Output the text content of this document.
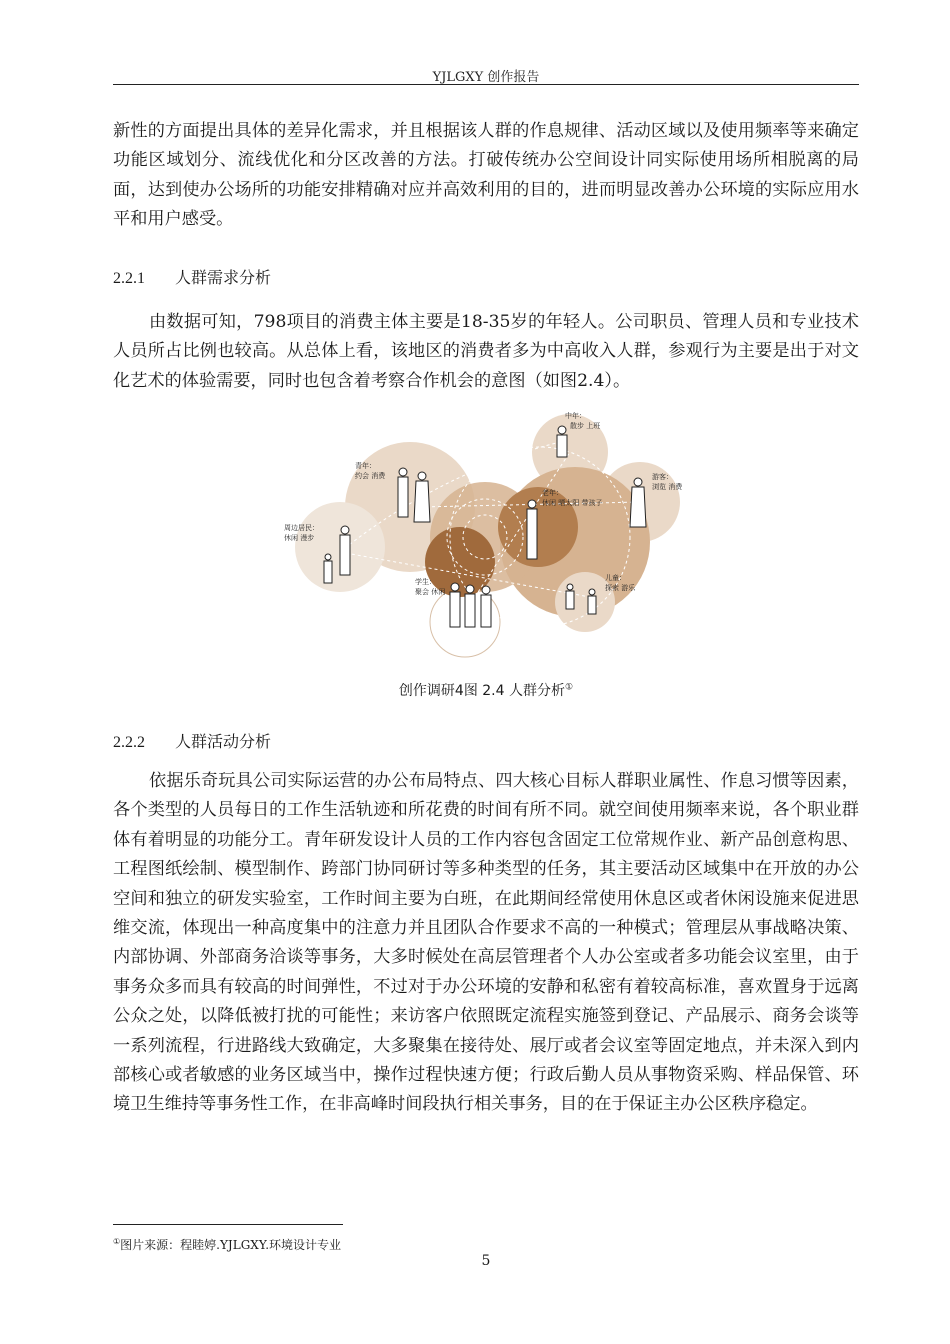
YJLGXY 创作报告

新性的方面提出具体的差异化需求，并且根据该人群的作息规律、活动区域以及使用频率等来确定功能区域划分、流线优化和分区改善的方法。打破传统办公空间设计同实际使用场所相脱离的局面，达到使办公场所的功能安排精确对应并高效利用的目的，进而明显改善办公环境的实际应用水平和用户感受。

2.2.1 人群需求分析

由数据可知，798项目的消费主体主要是18-35岁的年轻人。公司职员、管理人员和专业技术人员所占比例也较高。从总体上看，该地区的消费者多为中高收入人群，参观行为主要是出于对文化艺术的体验需要，同时也包含着考察合作机会的意图（如图2.4）。

中年：
散步 上班
青年：
约会 消费	游客：
浏览 消费
周边居民：
休闲 漫步
老年：
休闲 晒太阳 带孩子
学生：
聚会 休闲
儿童：
探索 游乐
创作调研4图 2.4 人群分析①
2.2.2 人群活动分析

依据乐奇玩具公司实际运营的办公布局特点、四大核心目标人群职业属性、作息习惯等因素，各个类型的人员每日的工作生活轨迹和所花费的时间有所不同。就空间使用频率来说，各个职业群体有着明显的功能分工。青年研发设计人员的工作内容包含固定工位常规作业、新产品创意构思、工程图纸绘制、模型制作、跨部门协同研讨等多种类型的任务，其主要活动区域集中在开放的办公空间和独立的研发实验室，工作时间主要为白班，在此期间经常使用休息区或者休闲设施来促进思维交流，体现出一种高度集中的注意力并且团队合作要求不高的一种模式；管理层从事战略决策、内部协调、外部商务洽谈等事务，大多时候处在高层管理者个人办公室或者多功能会议室里，由于事务众多而具有较高的时间弹性，不过对于办公环境的安静和私密有着较高标准，喜欢置身于远离公众之处，以降低被打扰的可能性；来访客户依照既定流程实施签到登记、产品展示、商务会谈等一系列流程，行进路线大致确定，大多聚集在接待处、展厅或者会议室等固定地点，并未深入到内部核心或者敏感的业务区域当中，操作过程快速方便；行政后勤人员从事物资采购、样品保管、环境卫生维持等事务性工作，在非高峰时间段执行相关事务，目的在于保证主办公区秩序稳定。

①图片来源：程睦婷.YJLGXY.环境设计专业
5
